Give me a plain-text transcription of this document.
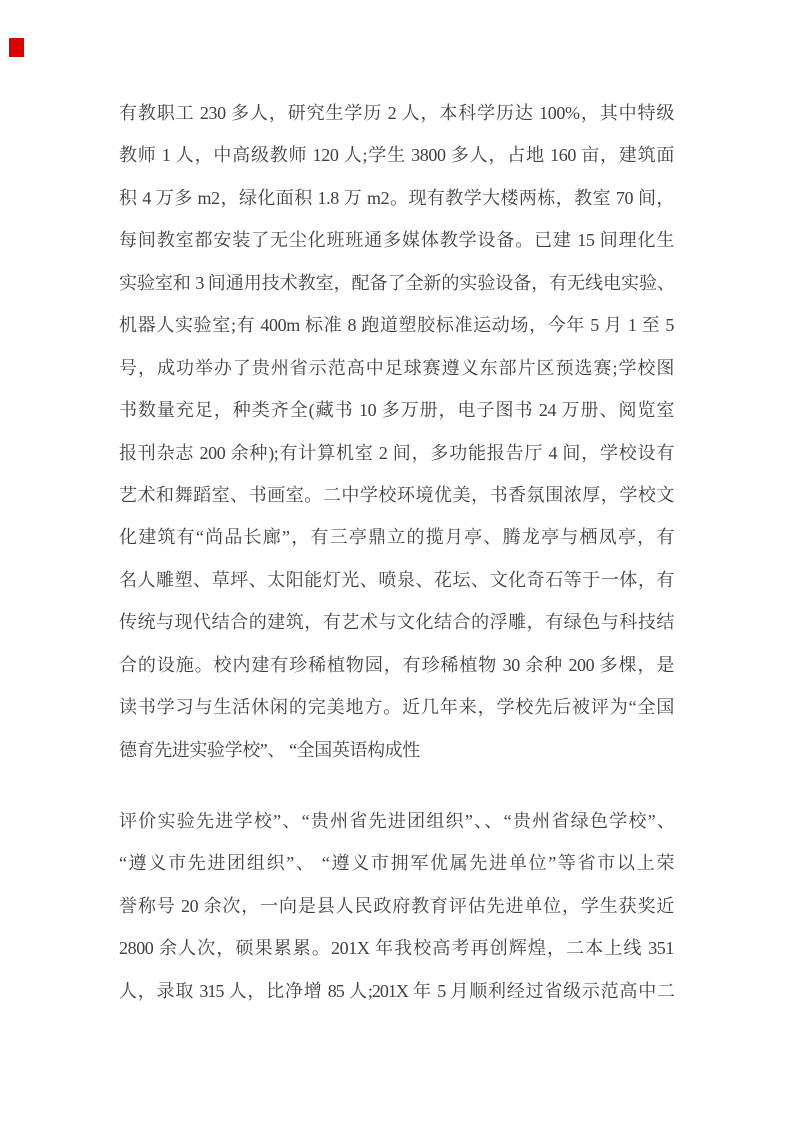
有教职工 230 多人，研究生学历 2 人，本科学历达 100%，其中特级
教师 1 人，中高级教师 120 人;学生 3800 多人，占地 160 亩，建筑面
积 4 万多 m2，绿化面积 1.8 万 m2。现有教学大楼两栋，教室 70 间，
每间教室都安装了无尘化班班通多媒体教学设备。已建 15 间理化生
实验室和 3 间通用技术教室，配备了全新的实验设备，有无线电实验、
机器人实验室;有 400m 标准 8 跑道塑胶标准运动场，今年 5 月 1 至 5
号，成功举办了贵州省示范高中足球赛遵义东部片区预选赛;学校图
书数量充足，种类齐全(藏书 10 多万册，电子图书 24 万册、阅览室
报刊杂志 200 余种);有计算机室 2 间，多功能报告厅 4 间，学校设有
艺术和舞蹈室、书画室。二中学校环境优美，书香氛围浓厚，学校文
化建筑有“尚品长廊”，有三亭鼎立的揽月亭、腾龙亭与栖凤亭，有
名人雕塑、草坪、太阳能灯光、喷泉、花坛、文化奇石等于一体，有
传统与现代结合的建筑，有艺术与文化结合的浮雕，有绿色与科技结
合的设施。校内建有珍稀植物园，有珍稀植物 30 余种 200 多棵，是
读书学习与生活休闲的完美地方。近几年来，学校先后被评为“全国
德育先进实验学校”、 “全国英语构成性
评价实验先进学校”、“贵州省先进团组织”、、“贵州省绿色学校”、
“遵义市先进团组织”、 “遵义市拥军优属先进单位”等省市以上荣
誉称号 20 余次，一向是县人民政府教育评估先进单位，学生获奖近
2800 余人次，硕果累累。201X 年我校高考再创辉煌，二本上线 351
人，录取 315 人，比净增 85 人;201X 年 5 月顺利经过省级示范高中二
